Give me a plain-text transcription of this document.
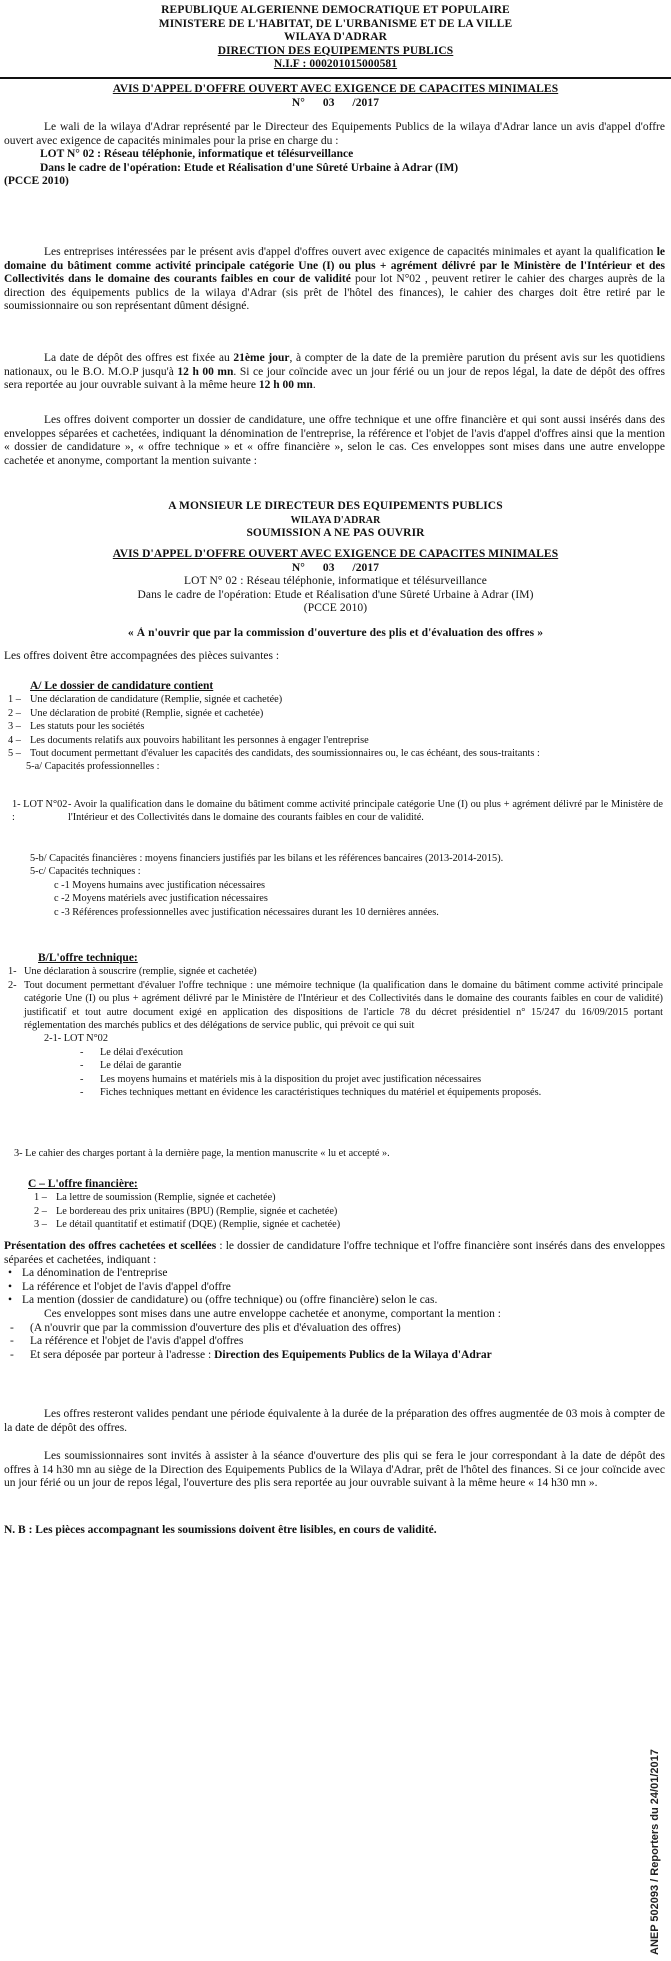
REPUBLIQUE ALGERIENNE DEMOCRATIQUE ET POPULAIRE
MINISTERE DE L'HABITAT, DE L'URBANISME ET DE LA VILLE
WILAYA D'ADRAR
DIRECTION DES EQUIPEMENTS PUBLICS
N.I.F : 000201015000581
AVIS D'APPEL D'OFFRE OUVERT AVEC EXIGENCE DE CAPACITES MINIMALES
N°      03      /2017
Le wali de la wilaya d'Adrar représenté par le Directeur des Equipements Publics de la wilaya d'Adrar lance un avis d'appel d'offre ouvert avec exigence de capacités minimales pour la prise en charge du :
LOT N° 02 : Réseau téléphonie, informatique et télésurveillance
Dans le cadre de l'opération: Etude et Réalisation d'une Sûreté Urbaine à Adrar (IM)
(PCCE 2010)
Les entreprises intéressées par le présent avis d'appel d'offres ouvert avec exigence de capacités minimales et ayant la qualification le domaine du bâtiment comme activité principale catégorie Une (I) ou plus + agrément délivré par le Ministère de l'Intérieur et des Collectivités dans le domaine des courants faibles en cour de validité pour lot N°02 , peuvent retirer le cahier des charges auprès de la direction des équipements publics de la wilaya d'Adrar (sis prêt de l'hôtel des finances), le cahier des charges doit être retiré par le soumissionnaire ou son représentant dûment désigné.
La date de dépôt des offres est fixée au 21ème jour, à compter de la date de la première parution du présent avis sur les quotidiens nationaux, ou le B.O. M.O.P jusqu'à 12 h 00 mn. Si ce jour coïncide avec un jour férié ou un jour de repos légal, la date de dépôt des offres sera reportée au jour ouvrable suivant à la même heure 12 h 00 mn.
Les offres doivent comporter un dossier de candidature, une offre technique et une offre financière et qui sont aussi insérés dans des enveloppes séparées et cachetées, indiquant la dénomination de l'entreprise, la référence et l'objet de l'avis d'appel d'offres ainsi que la mention « dossier de candidature », « offre technique » et « offre financière », selon le cas. Ces enveloppes sont mises dans une autre enveloppe cachetée et anonyme, comportant la mention suivante :
A MONSIEUR LE DIRECTEUR DES EQUIPEMENTS PUBLICS
WILAYA D'ADRAR
SOUMISSION A NE PAS OUVRIR
AVIS D'APPEL D'OFFRE OUVERT AVEC EXIGENCE DE CAPACITES MINIMALES
N°      03      /2017
LOT N° 02 : Réseau téléphonie, informatique et télésurveillance
Dans le cadre de l'opération: Etude et Réalisation d'une Sûreté Urbaine à Adrar (IM)
(PCCE 2010)
« À n'ouvrir que par la commission d'ouverture des plis et d'évaluation des offres »
Les offres doivent être accompagnées des pièces suivantes :
A/ Le dossier de candidature contient
1 – Une déclaration de candidature (Remplie, signée et cachetée)
2 – Une déclaration de probité (Remplie, signée et cachetée)
3 – Les statuts pour les sociétés
4 – Les documents relatifs aux pouvoirs habilitant les personnes à engager l'entreprise
5 – Tout document permettant d'évaluer les capacités des candidats, des soumissionnaires ou, le cas échéant, des sous-traitants :
5-a/ Capacités professionnelles :
1- LOT N°02 :
- Avoir la qualification dans le domaine du bâtiment comme activité principale catégorie Une (I) ou plus + agrément délivré par le Ministère de l'Intérieur et des Collectivités dans le domaine des courants faibles en cour de validité.
5-b/ Capacités financières : moyens financiers justifiés par les bilans et les références bancaires (2013-2014-2015).
5-c/ Capacités techniques :
c -1 Moyens humains avec justification nécessaires
c -2 Moyens matériels avec justification nécessaires
c -3 Références professionnelles avec justification nécessaires durant les 10 dernières années.
B/L'offre technique:
1- Une déclaration à souscrire (remplie, signée et cachetée)
2- Tout document permettant d'évaluer l'offre technique : une mémoire technique (la qualification dans le domaine du bâtiment comme activité principale catégorie Une (I) ou plus + agrément délivré par le Ministère de l'Intérieur et des Collectivités dans le domaine des courants faibles en cour de validité) justificatif et tout autre document exigé en application des dispositions de l'article 78 du décret présidentiel n° 15/247 du 16/09/2015 portant réglementation des marchés publics et des délégations de service public, qui prévoit ce qui suit
2-1- LOT N°02
- Le délai d'exécution
- Le délai de garantie
- Les moyens humains et matériels mis à la disposition du projet avec justification nécessaires
- Fiches techniques mettant en évidence les caractéristiques techniques du matériel et équipements proposés.
3- Le cahier des charges portant à la dernière page, la mention manuscrite « lu et accepté ».
C – L'offre financière:
1 – La lettre de soumission (Remplie, signée et cachetée)
2 – Le bordereau des prix unitaires (BPU) (Remplie, signée et cachetée)
3 – Le détail quantitatif et estimatif (DQE) (Remplie, signée et cachetée)
Présentation des offres cachetées et scellées : le dossier de candidature l'offre technique et l'offre financière sont insérés dans des enveloppes séparées et cachetées, indiquant :
• La dénomination de l'entreprise
• La référence et l'objet de l'avis d'appel d'offre
• La mention (dossier de candidature) ou (offre technique) ou (offre financière) selon le cas.
Ces enveloppes sont mises dans une autre enveloppe cachetée et anonyme, comportant la mention :
- (A n'ouvrir que par la commission d'ouverture des plis et d'évaluation des offres)
- La référence et l'objet de l'avis d'appel d'offres
- Et sera déposée par porteur à l'adresse : Direction des Equipements Publics de la Wilaya d'Adrar
Les offres resteront valides pendant une période équivalente à la durée de la préparation des offres augmentée de 03 mois à compter de la date de dépôt des offres.
Les soumissionnaires sont invités à assister à la séance d'ouverture des plis qui se fera le jour correspondant à la date de dépôt des offres à 14 h30 mn au siège de la Direction des Equipements Publics de la Wilaya d'Adrar, prêt de l'hôtel des finances. Si ce jour coïncide avec un jour férié ou un jour de repos légal, l'ouverture des plis sera reportée au jour ouvrable suivant à la même heure « 14 h30 mn ».
N. B : Les pièces accompagnant les soumissions doivent être lisibles, en cours de validité.
ANEP 502093 / Reporters du 24/01/2017
